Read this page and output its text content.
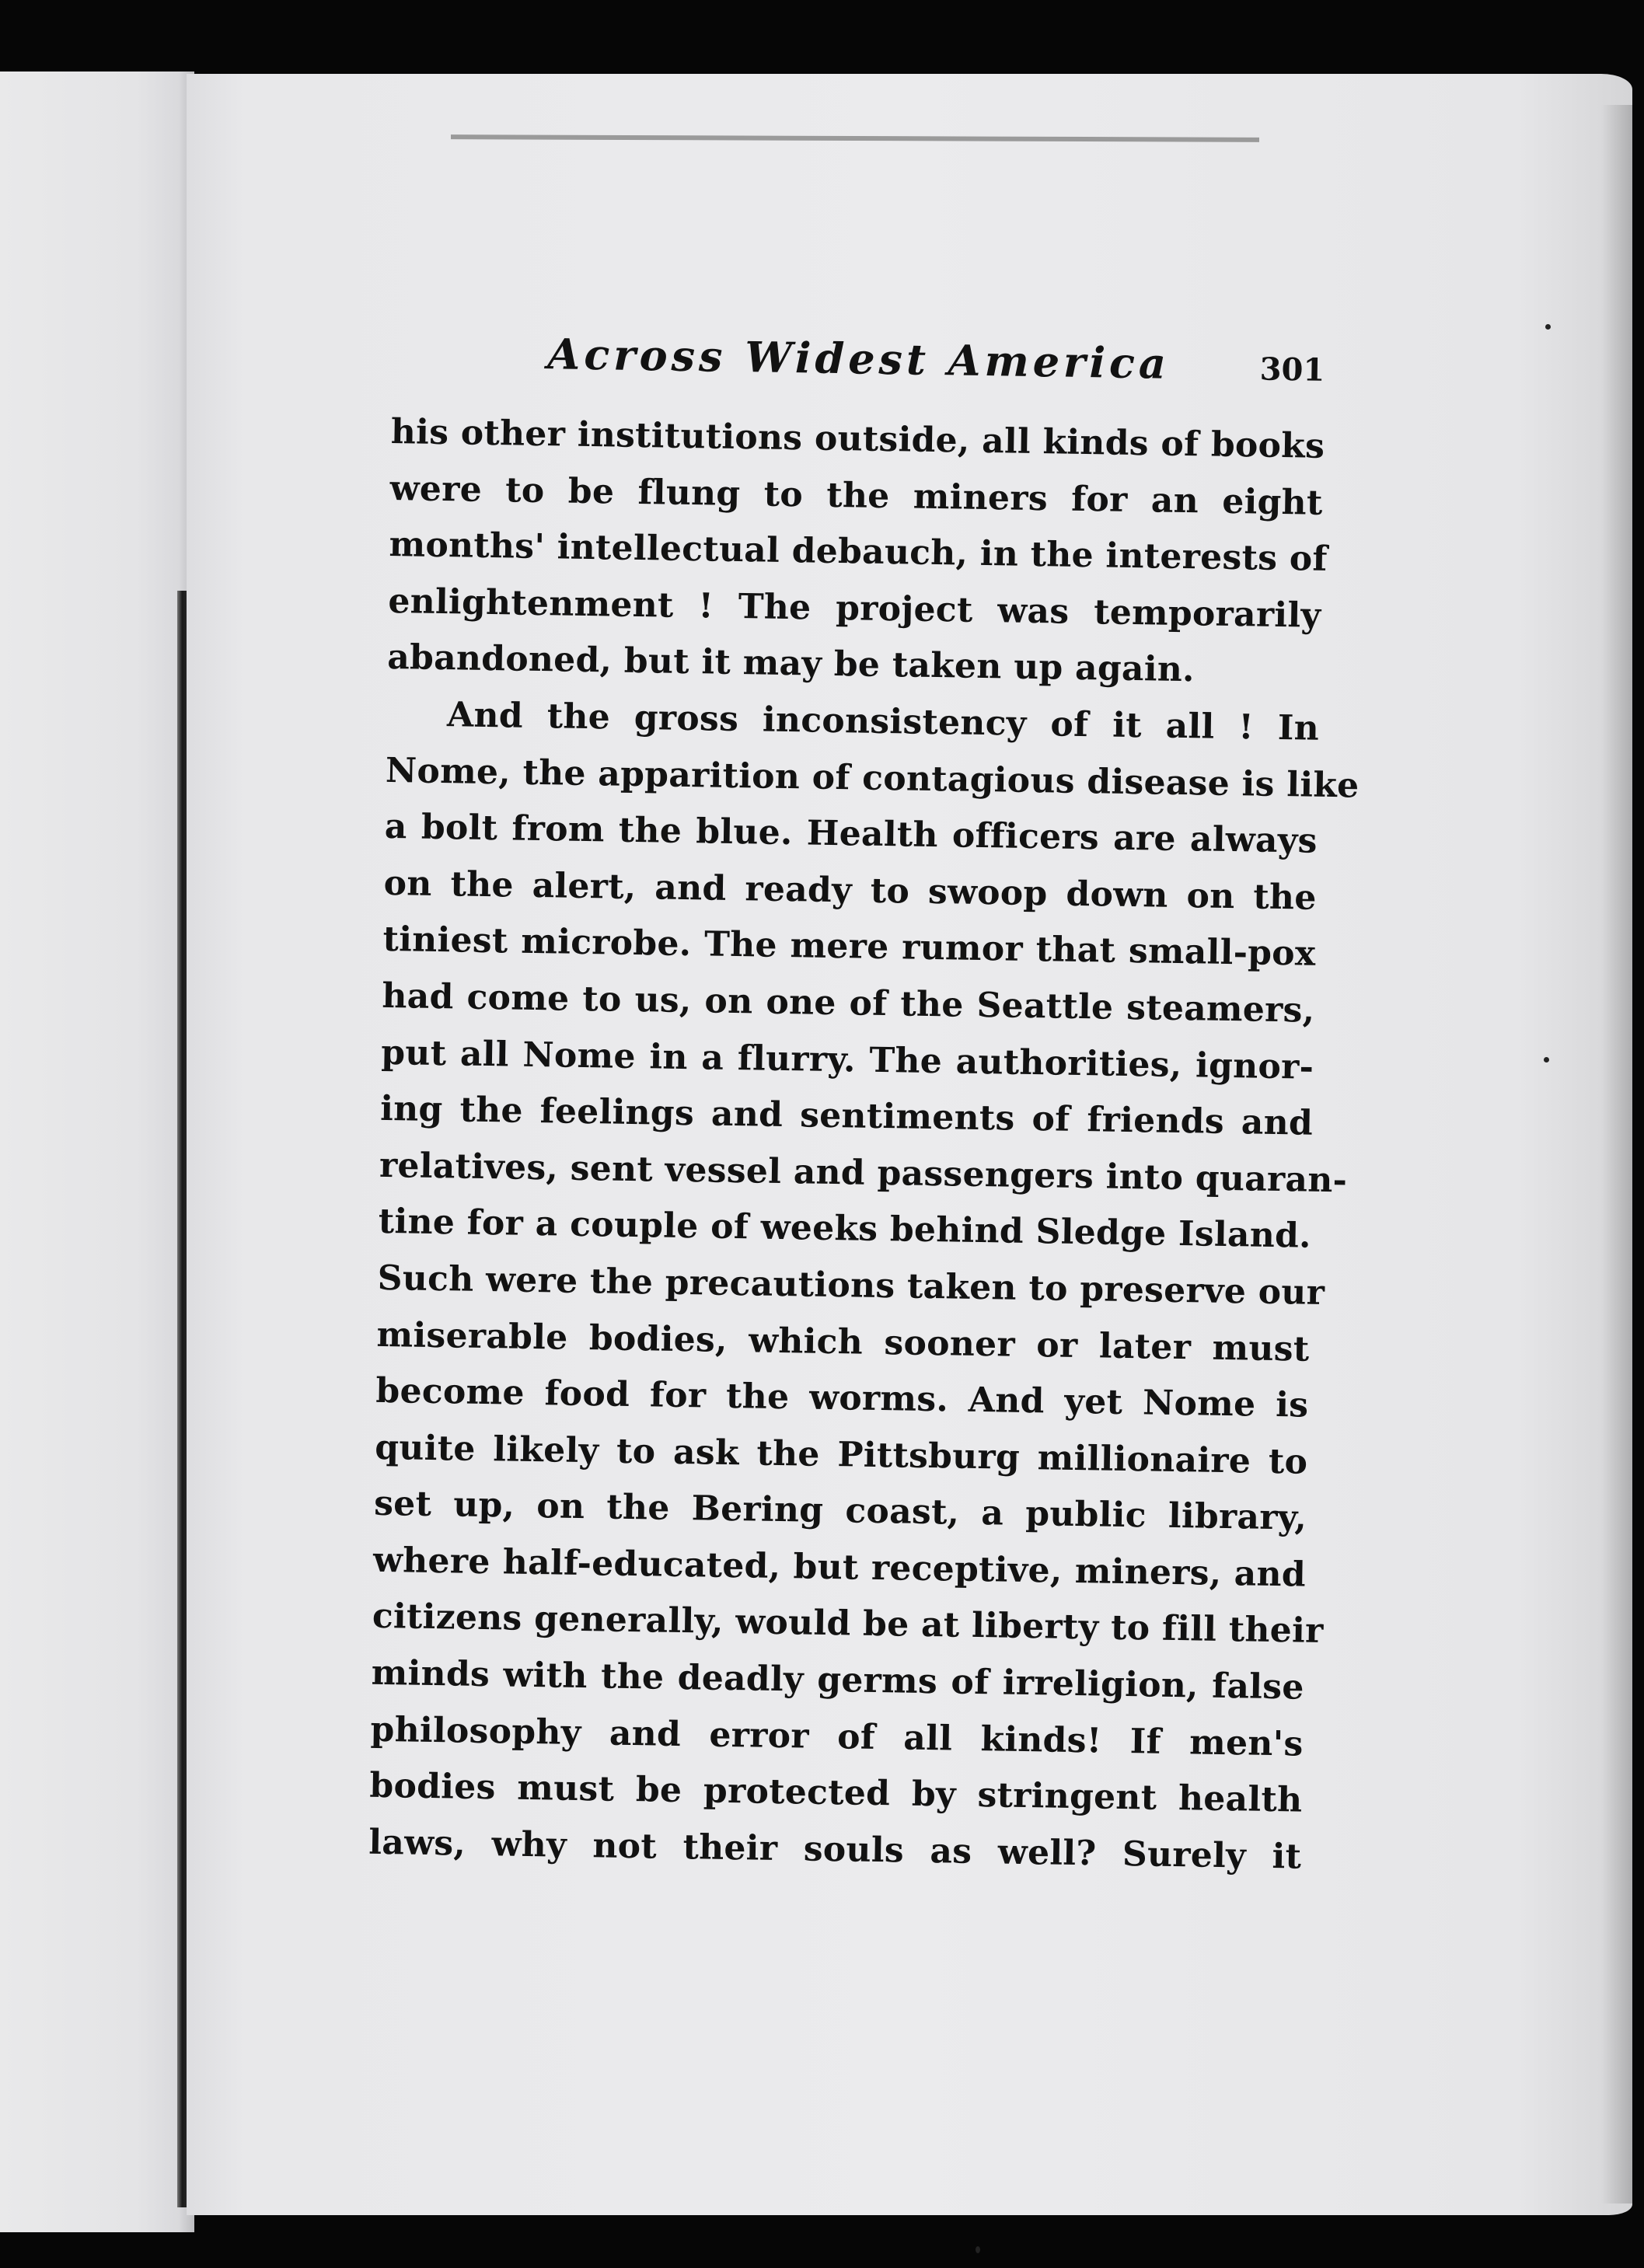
Across Widest America	301
his other institutions outside, all kinds of books
were to be flung to the miners for an eight
months' intellectual debauch, in the interests of
enlightenment ! The project was temporarily
abandoned, but it may be taken up again.
And the gross inconsistency of it all ! In
Nome, the apparition of contagious disease is like
a bolt from the blue. Health officers are always
on the alert, and ready to swoop down on the
tiniest microbe. The mere rumor that small-pox
had come to us, on one of the Seattle steamers,
put all Nome in a flurry. The authorities, ignor-
ing the feelings and sentiments of friends and
relatives, sent vessel and passengers into quaran-
tine for a couple of weeks behind Sledge Island.
Such were the precautions taken to preserve our
miserable bodies, which sooner or later must
become food for the worms. And yet Nome is
quite likely to ask the Pittsburg millionaire to
set up, on the Bering coast, a public library,
where half-educated, but receptive, miners, and
citizens generally, would be at liberty to fill their
minds with the deadly germs of irreligion, false
philosophy and error of all kinds! If men's
bodies must be protected by stringent health
laws, why not their souls as well? Surely it
